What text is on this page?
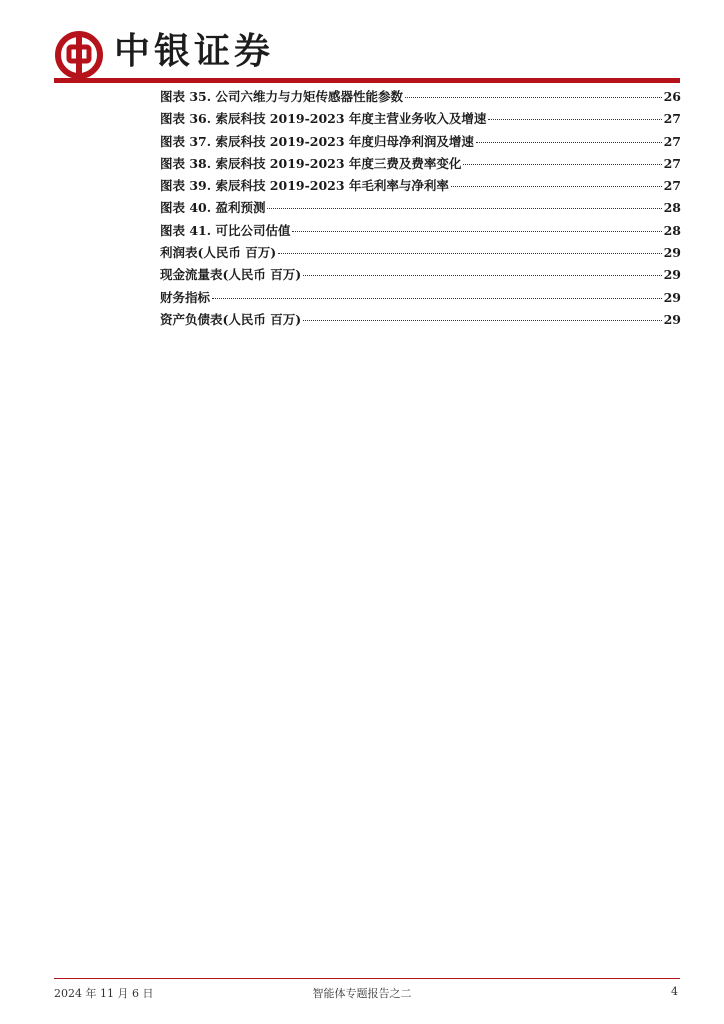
中银证券
图表 35. 公司六维力与力矩传感器性能参数	26
图表 36. 索辰科技 2019-2023 年度主营业务收入及增速	27
图表 37. 索辰科技 2019-2023 年度归母净利润及增速	27
图表 38. 索辰科技 2019-2023 年度三费及费率变化	27
图表 39. 索辰科技 2019-2023 年毛利率与净利率	27
图表 40. 盈利预测	28
图表 41. 可比公司估值	28
利润表(人民币 百万)	29
现金流量表(人民币 百万)	29
财务指标	29
资产负债表(人民币 百万)	29
2024 年 11 月 6 日	智能体专题报告之二	4
